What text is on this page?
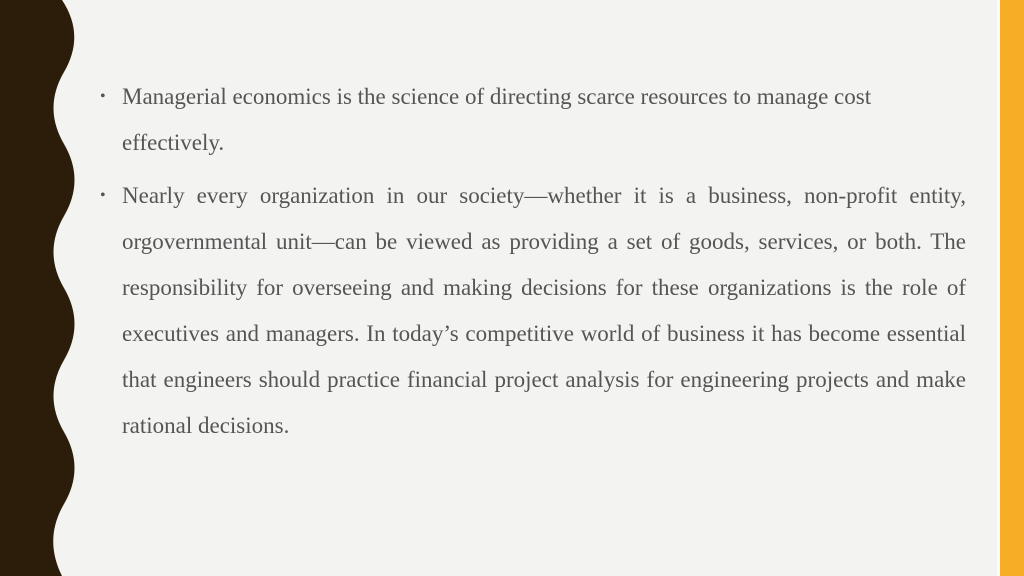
• Managerial economics is the science of directing scarce resources to manage cost effectively.
• Nearly every organization in our society—whether it is a business, non-profit entity, orgovernmental unit—can be viewed as providing a set of goods, services, or both. The responsibility for overseeing and making decisions for these organizations is the role of executives and managers. In today’s competitive world of business it has become essential that engineers should practice financial project analysis for engineering projects and make rational decisions.
